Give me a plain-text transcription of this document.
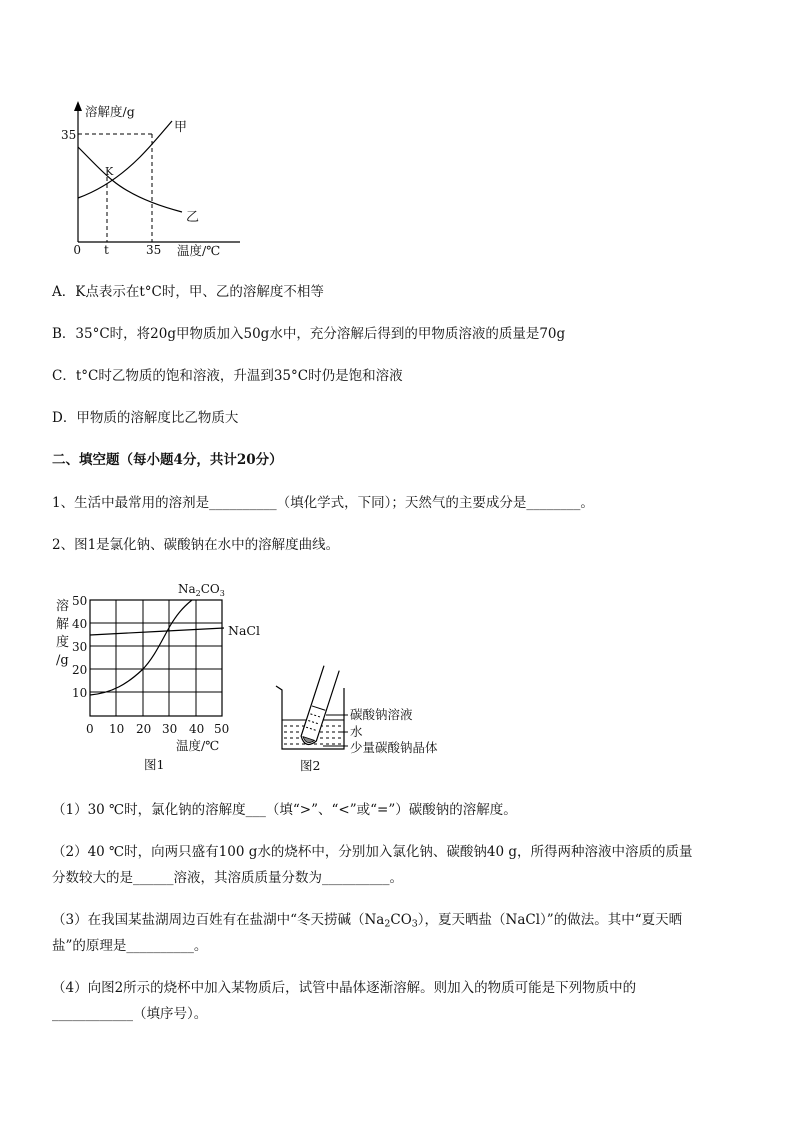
溶解度/g
35
0 t	35 温度/℃
甲
乙
K
A．K点表示在t°C时，甲、乙的溶解度不相等
B．35°C时，将20g甲物质加入50g水中，充分溶解后得到的甲物质溶液的质量是70g
C．t°C时乙物质的饱和溶液，升温到35°C时仍是饱和溶液
D．甲物质的溶解度比乙物质大
二、填空题（每小题4分，共计20分）
1、生活中最常用的溶剂是__________（填化学式，下同）；天然气的主要成分是________。
2、图1是氯化钠、碳酸钠在水中的溶解度曲线。
溶
解
度
/g
50
40
30
20
10
0 10 20 30 40 50
温度/℃
图1
$Na_2CO_3$
NaCl
碳酸钠溶液
水
少量碳酸钠晶体
图2
（1）30 ℃时，氯化钠的溶解度___（填“>”、“<”或“=”）碳酸钠的溶解度。
（2）40 ℃时，向两只盛有100 g水的烧杯中，分别加入氯化钠、碳酸钠40 g，所得两种溶液中溶质的质量
分数较大的是______溶液，其溶质质量分数为__________。
（3）在我国某盐湖周边百姓有在盐湖中“冬天捞碱$(Na_2CO_3)$，夏天晒盐（NaCl）”的做法。其中“夏天晒
盐”的原理是__________。
（4）向图2所示的烧杯中加入某物质后，试管中晶体逐渐溶解。则加入的物质可能是下列物质中的
____________（填序号）。
